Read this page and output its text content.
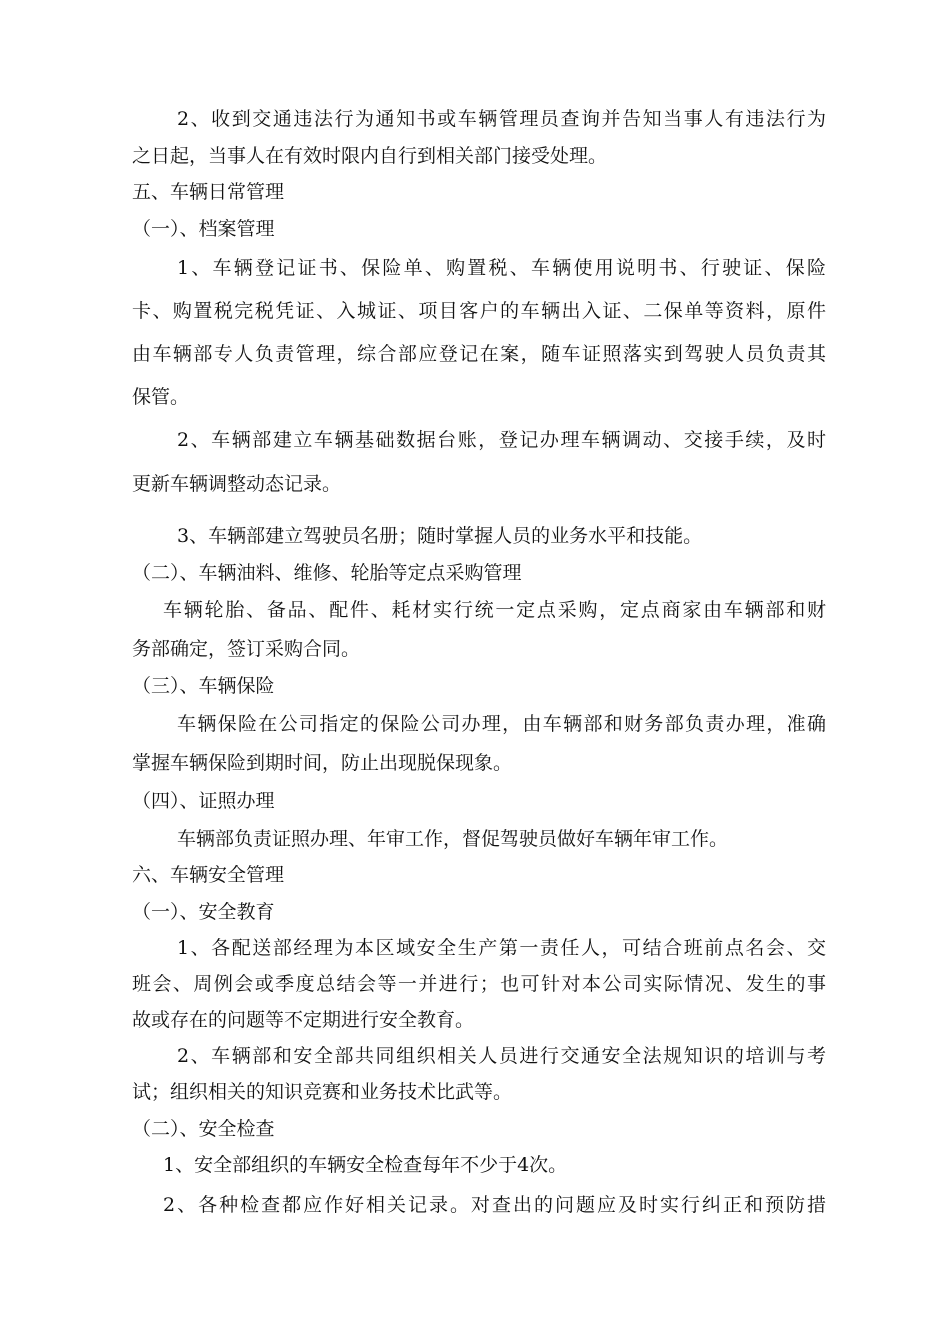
2、收到交通违法行为通知书或车辆管理员查询并告知当事人有违法行为
之日起，当事人在有效时限内自行到相关部门接受处理。
五、车辆日常管理
（一）、档案管理
1、车辆登记证书、保险单、购置税、车辆使用说明书、行驶证、保险
卡、购置税完税凭证、入城证、项目客户的车辆出入证、二保单等资料，原件
由车辆部专人负责管理，综合部应登记在案，随车证照落实到驾驶人员负责其
保管。
2、车辆部建立车辆基础数据台账，登记办理车辆调动、交接手续，及时
更新车辆调整动态记录。
3、车辆部建立驾驶员名册；随时掌握人员的业务水平和技能。
（二）、车辆油料、维修、轮胎等定点采购管理
车辆轮胎、备品、配件、耗材实行统一定点采购，定点商家由车辆部和财
务部确定，签订采购合同。
（三）、车辆保险
车辆保险在公司指定的保险公司办理，由车辆部和财务部负责办理，准确
掌握车辆保险到期时间，防止出现脱保现象。
（四）、证照办理
车辆部负责证照办理、年审工作，督促驾驶员做好车辆年审工作。
六、车辆安全管理
（一）、安全教育
1、各配送部经理为本区域安全生产第一责任人，可结合班前点名会、交
班会、周例会或季度总结会等一并进行；也可针对本公司实际情况、发生的事
故或存在的问题等不定期进行安全教育。
2、车辆部和安全部共同组织相关人员进行交通安全法规知识的培训与考
试；组织相关的知识竞赛和业务技术比武等。
（二）、安全检查
1、安全部组织的车辆安全检查每年不少于4次。
2、各种检查都应作好相关记录。对查出的问题应及时实行纠正和预防措
